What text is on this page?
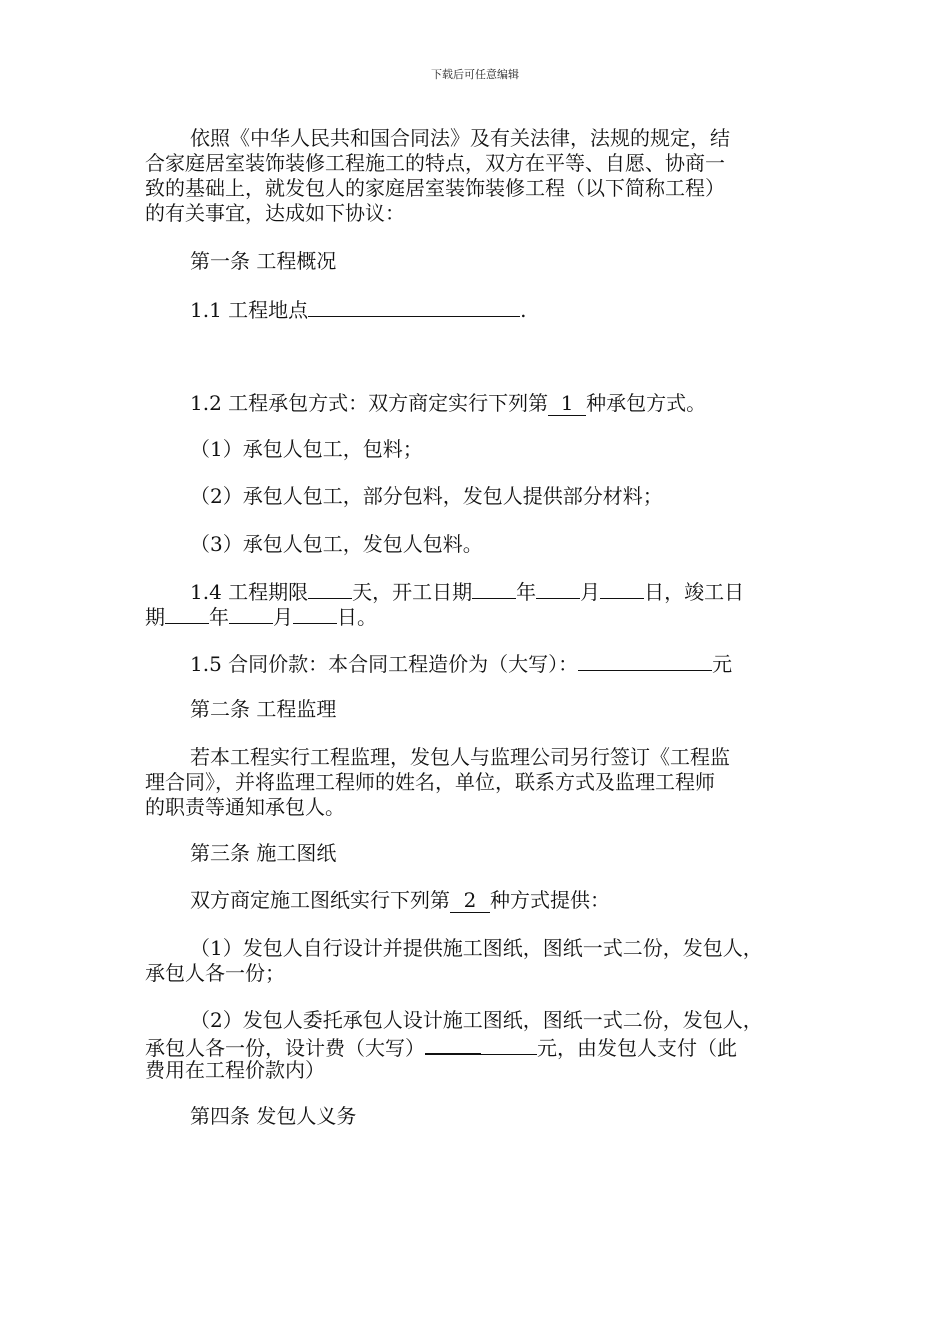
下载后可任意编辑
依照《中华人民共和国合同法》及有关法律，法规的规定，结
合家庭居室装饰装修工程施工的特点，双方在平等、自愿、协商一
致的基础上，就发包人的家庭居室装饰装修工程（以下简称工程）
的有关事宜，达成如下协议：
第一条 工程概况
1.1 工程地点	.
1.2 工程承包方式：双方商定实行下列第 1 种承包方式。
（1）承包人包工，包料；
（2）承包人包工，部分包料，发包人提供部分材料；
（3）承包人包工，发包人包料。
1.4 工程期限 天，开工日期 年 月 日，竣工日
期 年 月 日。
1.5 合同价款：本合同工程造价为（大写）：	元
第二条 工程监理
若本工程实行工程监理，发包人与监理公司另行签订《工程监
理合同》，并将监理工程师的姓名，单位，联系方式及监理工程师
的职责等通知承包人。
第三条 施工图纸
双方商定施工图纸实行下列第 2 种方式提供：
（1）发包人自行设计并提供施工图纸，图纸一式二份，发包人，
承包人各一份；
（2）发包人委托承包人设计施工图纸，图纸一式二份，发包人，
承包人各一份，设计费（大写）	元，由发包人支付（此
费用在工程价款内）
第四条 发包人义务
